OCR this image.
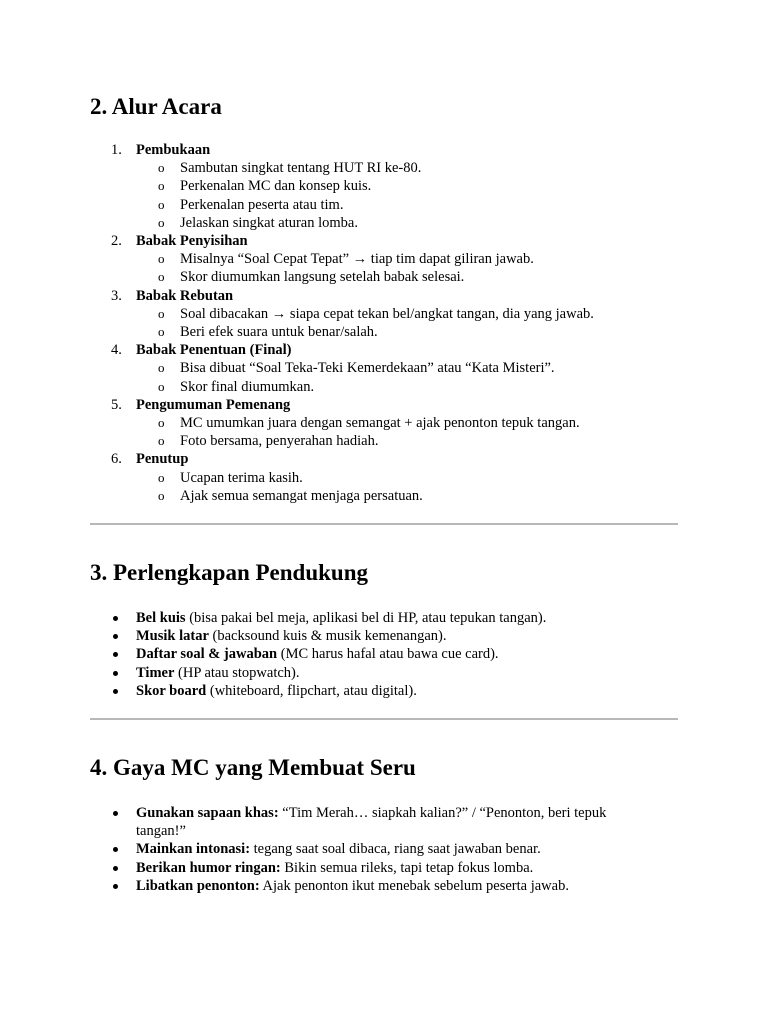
2. Alur Acara
1. Pembukaan
o Sambutan singkat tentang HUT RI ke-80.
o Perkenalan MC dan konsep kuis.
o Perkenalan peserta atau tim.
o Jelaskan singkat aturan lomba.
2. Babak Penyisihan
o Misalnya “Soal Cepat Tepat” → tiap tim dapat giliran jawab.
o Skor diumumkan langsung setelah babak selesai.
3. Babak Rebutan
o Soal dibacakan → siapa cepat tekan bel/angkat tangan, dia yang jawab.
o Beri efek suara untuk benar/salah.
4. Babak Penentuan (Final)
o Bisa dibuat “Soal Teka-Teki Kemerdekaan” atau “Kata Misteri”.
o Skor final diumumkan.
5. Pengumuman Pemenang
o MC umumkan juara dengan semangat + ajak penonton tepuk tangan.
o Foto bersama, penyerahan hadiah.
6. Penutup
o Ucapan terima kasih.
o Ajak semua semangat menjaga persatuan.
3. Perlengkapan Pendukung
Bel kuis (bisa pakai bel meja, aplikasi bel di HP, atau tepukan tangan).
Musik latar (backsound kuis & musik kemenangan).
Daftar soal & jawaban (MC harus hafal atau bawa cue card).
Timer (HP atau stopwatch).
Skor board (whiteboard, flipchart, atau digital).
4. Gaya MC yang Membuat Seru
Gunakan sapaan khas: “Tim Merah… siapkah kalian?” / “Penonton, beri tepuk tangan!”
Mainkan intonasi: tegang saat soal dibaca, riang saat jawaban benar.
Berikan humor ringan: Bikin semua rileks, tapi tetap fokus lomba.
Libatkan penonton: Ajak penonton ikut menebak sebelum peserta jawab.
